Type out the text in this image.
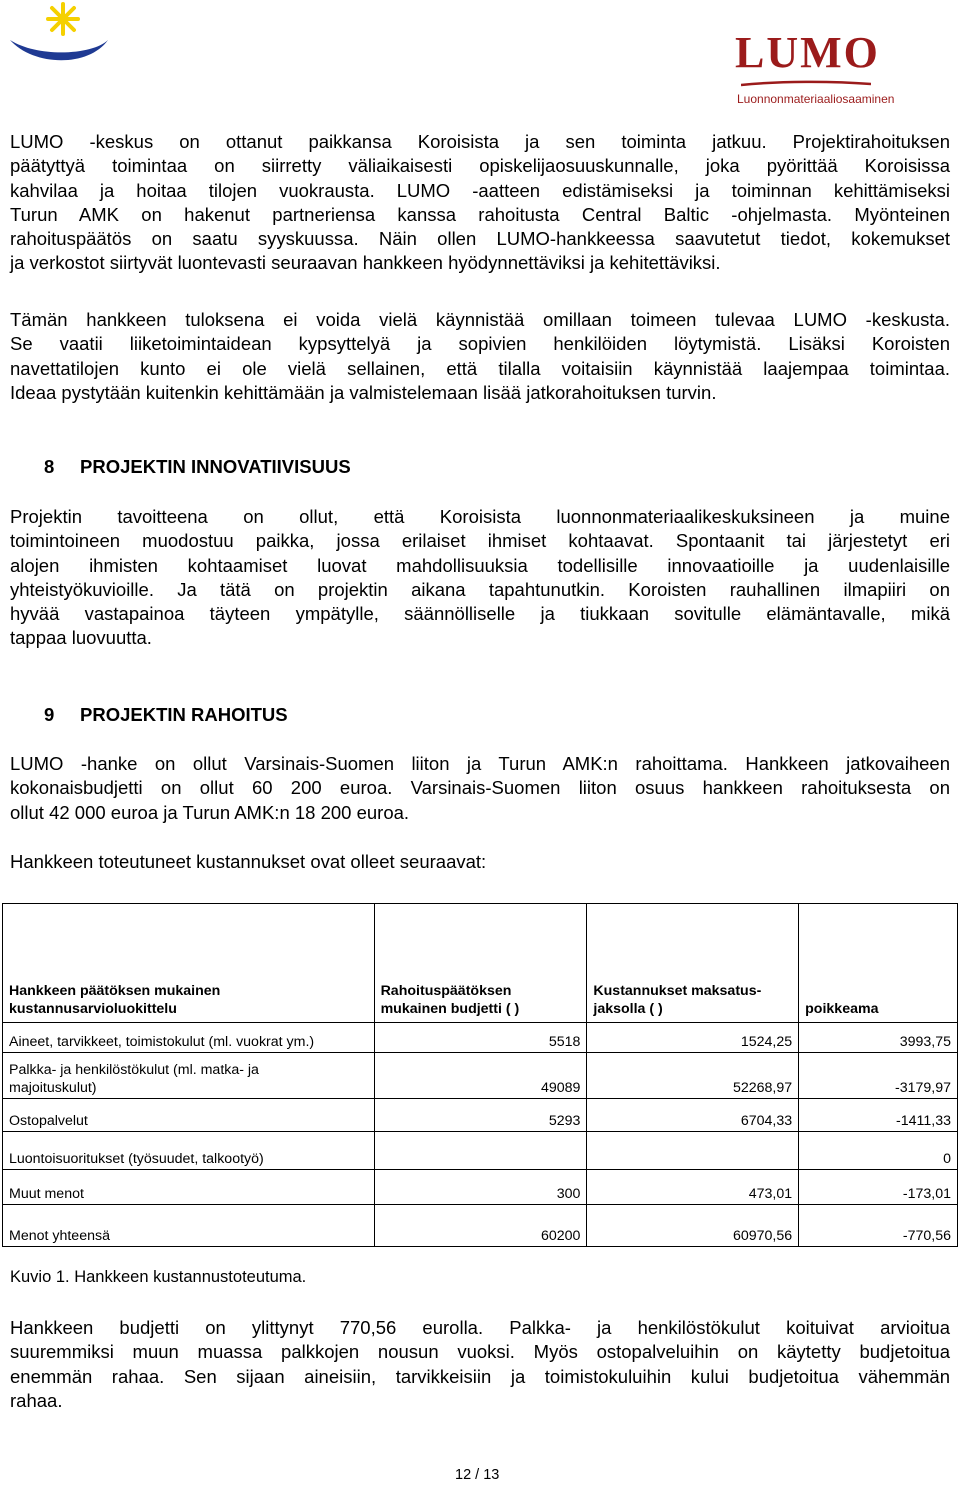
LUMO
Luonnonmateriaaliosaaminen

LUMO -keskus on ottanut paikkansa Koroisista ja sen toiminta jatkuu. Projektirahoituksen
päätyttyä toimintaa on siirretty väliaikaisesti opiskelijaosuuskunnalle, joka pyörittää Koroisissa
kahvilaa ja hoitaa tilojen vuokrausta. LUMO -aatteen edistämiseksi ja toiminnan kehittämiseksi
Turun AMK on hakenut partneriensa kanssa rahoitusta Central Baltic -ohjelmasta. Myönteinen
rahoituspäätös on saatu syyskuussa. Näin ollen LUMO-hankkeessa saavutetut tiedot, kokemukset
ja verkostot siirtyvät luontevasti seuraavan hankkeen hyödynnettäviksi ja kehitettäviksi.

Tämän hankkeen tuloksena ei voida vielä käynnistää omillaan toimeen tulevaa LUMO -keskusta.
Se vaatii liiketoimintaidean kypsyttelyä ja sopivien henkilöiden löytymistä. Lisäksi Koroisten
navettatilojen kunto ei ole vielä sellainen, että tilalla voitaisiin käynnistää laajempaa toimintaa.
Ideaa pystytään kuitenkin kehittämään ja valmistelemaan lisää jatkorahoituksen turvin.

8 PROJEKTIN INNOVATIIVISUUS

Projektin tavoitteena on ollut, että Koroisista luonnonmateriaalikeskuksineen ja muine
toimintoineen muodostuu paikka, jossa erilaiset ihmiset kohtaavat. Spontaanit tai järjestetyt eri
alojen ihmisten kohtaamiset luovat mahdollisuuksia todellisille innovaatioille ja uudenlaisille
yhteistyökuvioille. Ja tätä on projektin aikana tapahtunutkin. Koroisten rauhallinen ilmapiiri on
hyvää vastapainoa täyteen ympätylle, säännölliselle ja tiukkaan sovitulle elämäntavalle, mikä
tappaa luovuutta.

9 PROJEKTIN RAHOITUS

LUMO -hanke on ollut Varsinais-Suomen liiton ja Turun AMK:n rahoittama. Hankkeen jatkovaiheen
kokonaisbudjetti on ollut 60 200 euroa. Varsinais-Suomen liiton osuus hankkeen rahoituksesta on
ollut 42 000 euroa ja Turun AMK:n 18 200 euroa.

Hankkeen toteutuneet kustannukset ovat olleet seuraavat:

Hankkeen päätöksen mukainen
kustannusarvioluokittelu	Rahoituspäätöksen
mukainen budjetti ( )	Kustannukset maksatus-
jaksolla ( )	poikkeama
Aineet, tarvikkeet, toimistokulut (ml. vuokrat ym.)	5518	1524,25	3993,75
Palkka- ja henkilöstökulut (ml. matka- ja
majoituskulut)	49089	52268,97	-3179,97
Ostopalvelut	5293	6704,33	-1411,33
Luontoisuoritukset (työsuudet, talkootyö)			0
Muut menot	300	473,01	-173,01
Menot yhteensä	60200	60970,56	-770,56

Kuvio 1. Hankkeen kustannustoteutuma.

Hankkeen budjetti on ylittynyt 770,56 eurolla. Palkka- ja henkilöstökulut koituivat arvioitua
suuremmiksi muun muassa palkkojen nousun vuoksi. Myös ostopalveluihin on käytetty budjetoitua
enemmän rahaa. Sen sijaan aineisiin, tarvikkeisiin ja toimistokuluihin kului budjetoitua vähemmän
rahaa.

12 / 13
